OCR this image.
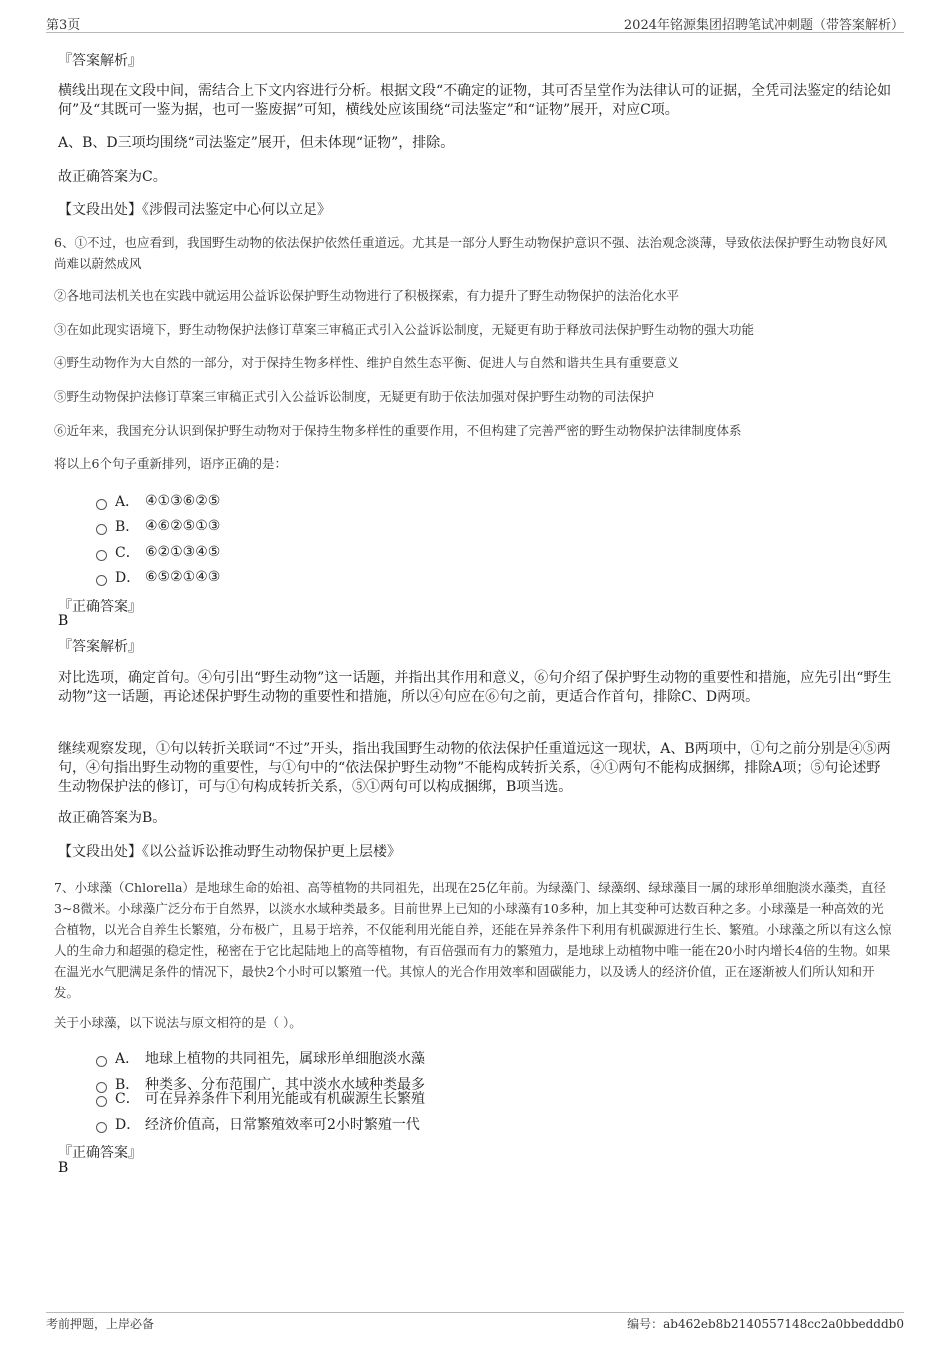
第3页	2024年铭源集团招聘笔试冲刺题（带答案解析）
『答案解析』
横线出现在文段中间，需结合上下文内容进行分析。根据文段“不确定的证物，其可否呈堂作为法律认可的证据，全凭司法鉴定的结论如何”及“其既可一鉴为据，也可一鉴废据”可知，横线处应该围绕“司法鉴定”和“证物”展开，对应C项。
A、B、D三项均围绕“司法鉴定”展开，但未体现“证物”，排除。
故正确答案为C。
【文段出处】《涉假司法鉴定中心何以立足》
6、①不过，也应看到，我国野生动物的依法保护依然任重道远。尤其是一部分人野生动物保护意识不强、法治观念淡薄，导致依法保护野生动物良好风尚难以蔚然成风
②各地司法机关也在实践中就运用公益诉讼保护野生动物进行了积极探索，有力提升了野生动物保护的法治化水平
③在如此现实语境下，野生动物保护法修订草案三审稿正式引入公益诉讼制度，无疑更有助于释放司法保护野生动物的强大功能
④野生动物作为大自然的一部分，对于保持生物多样性、维护自然生态平衡、促进人与自然和谐共生具有重要意义
⑤野生动物保护法修订草案三审稿正式引入公益诉讼制度，无疑更有助于依法加强对保护野生动物的司法保护
⑥近年来，我国充分认识到保护野生动物对于保持生物多样性的重要作用，不但构建了完善严密的野生动物保护法律制度体系
将以上6个句子重新排列，语序正确的是：
A． ④①③⑥②⑤
B． ④⑥②⑤①③
C． ⑥②①③④⑤
D． ⑥⑤②①④③
『正确答案』
B
『答案解析』
对比选项，确定首句。④句引出“野生动物”这一话题，并指出其作用和意义，⑥句介绍了保护野生动物的重要性和措施，应先引出“野生动物”这一话题，再论述保护野生动物的重要性和措施，所以④句应在⑥句之前，更适合作首句，排除C、D两项。
继续观察发现，①句以转折关联词“不过”开头，指出我国野生动物的依法保护任重道远这一现状，A、B两项中，①句之前分别是④⑤两句，④句指出野生动物的重要性，与①句中的“依法保护野生动物”不能构成转折关系，④①两句不能构成捆绑，排除A项；⑤句论述野生动物保护法的修订，可与①句构成转折关系，⑤①两句可以构成捆绑，B项当选。
故正确答案为B。
【文段出处】《以公益诉讼推动野生动物保护更上层楼》
7、小球藻（Chlorella）是地球生命的始祖、高等植物的共同祖先，出现在25亿年前。为绿藻门、绿藻纲、绿球藻目一属的球形单细胞淡水藻类，直径3~8微米。小球藻广泛分布于自然界，以淡水水域种类最多。目前世界上已知的小球藻有10多种，加上其变种可达数百种之多。小球藻是一种高效的光合植物，以光合自养生长繁殖，分布极广，且易于培养，不仅能利用光能自养，还能在异养条件下利用有机碳源进行生长、繁殖。小球藻之所以有这么惊人的生命力和超强的稳定性，秘密在于它比起陆地上的高等植物，有百倍强而有力的繁殖力，是地球上动植物中唯一能在20小时内增长4倍的生物。如果在温光水气肥满足条件的情况下，最快2个小时可以繁殖一代。其惊人的光合作用效率和固碳能力，以及诱人的经济价值，正在逐渐被人们所认知和开发。
关于小球藻，以下说法与原文相符的是（ ）。
A． 地球上植物的共同祖先，属球形单细胞淡水藻
B． 种类多、分布范围广，其中淡水水域种类最多
C． 可在异养条件下利用光能或有机碳源生长繁殖
D． 经济价值高，日常繁殖效率可2小时繁殖一代
『正确答案』
B
考前押题，上岸必备	编号：ab462eb8b2140557148cc2a0bbedddb0
